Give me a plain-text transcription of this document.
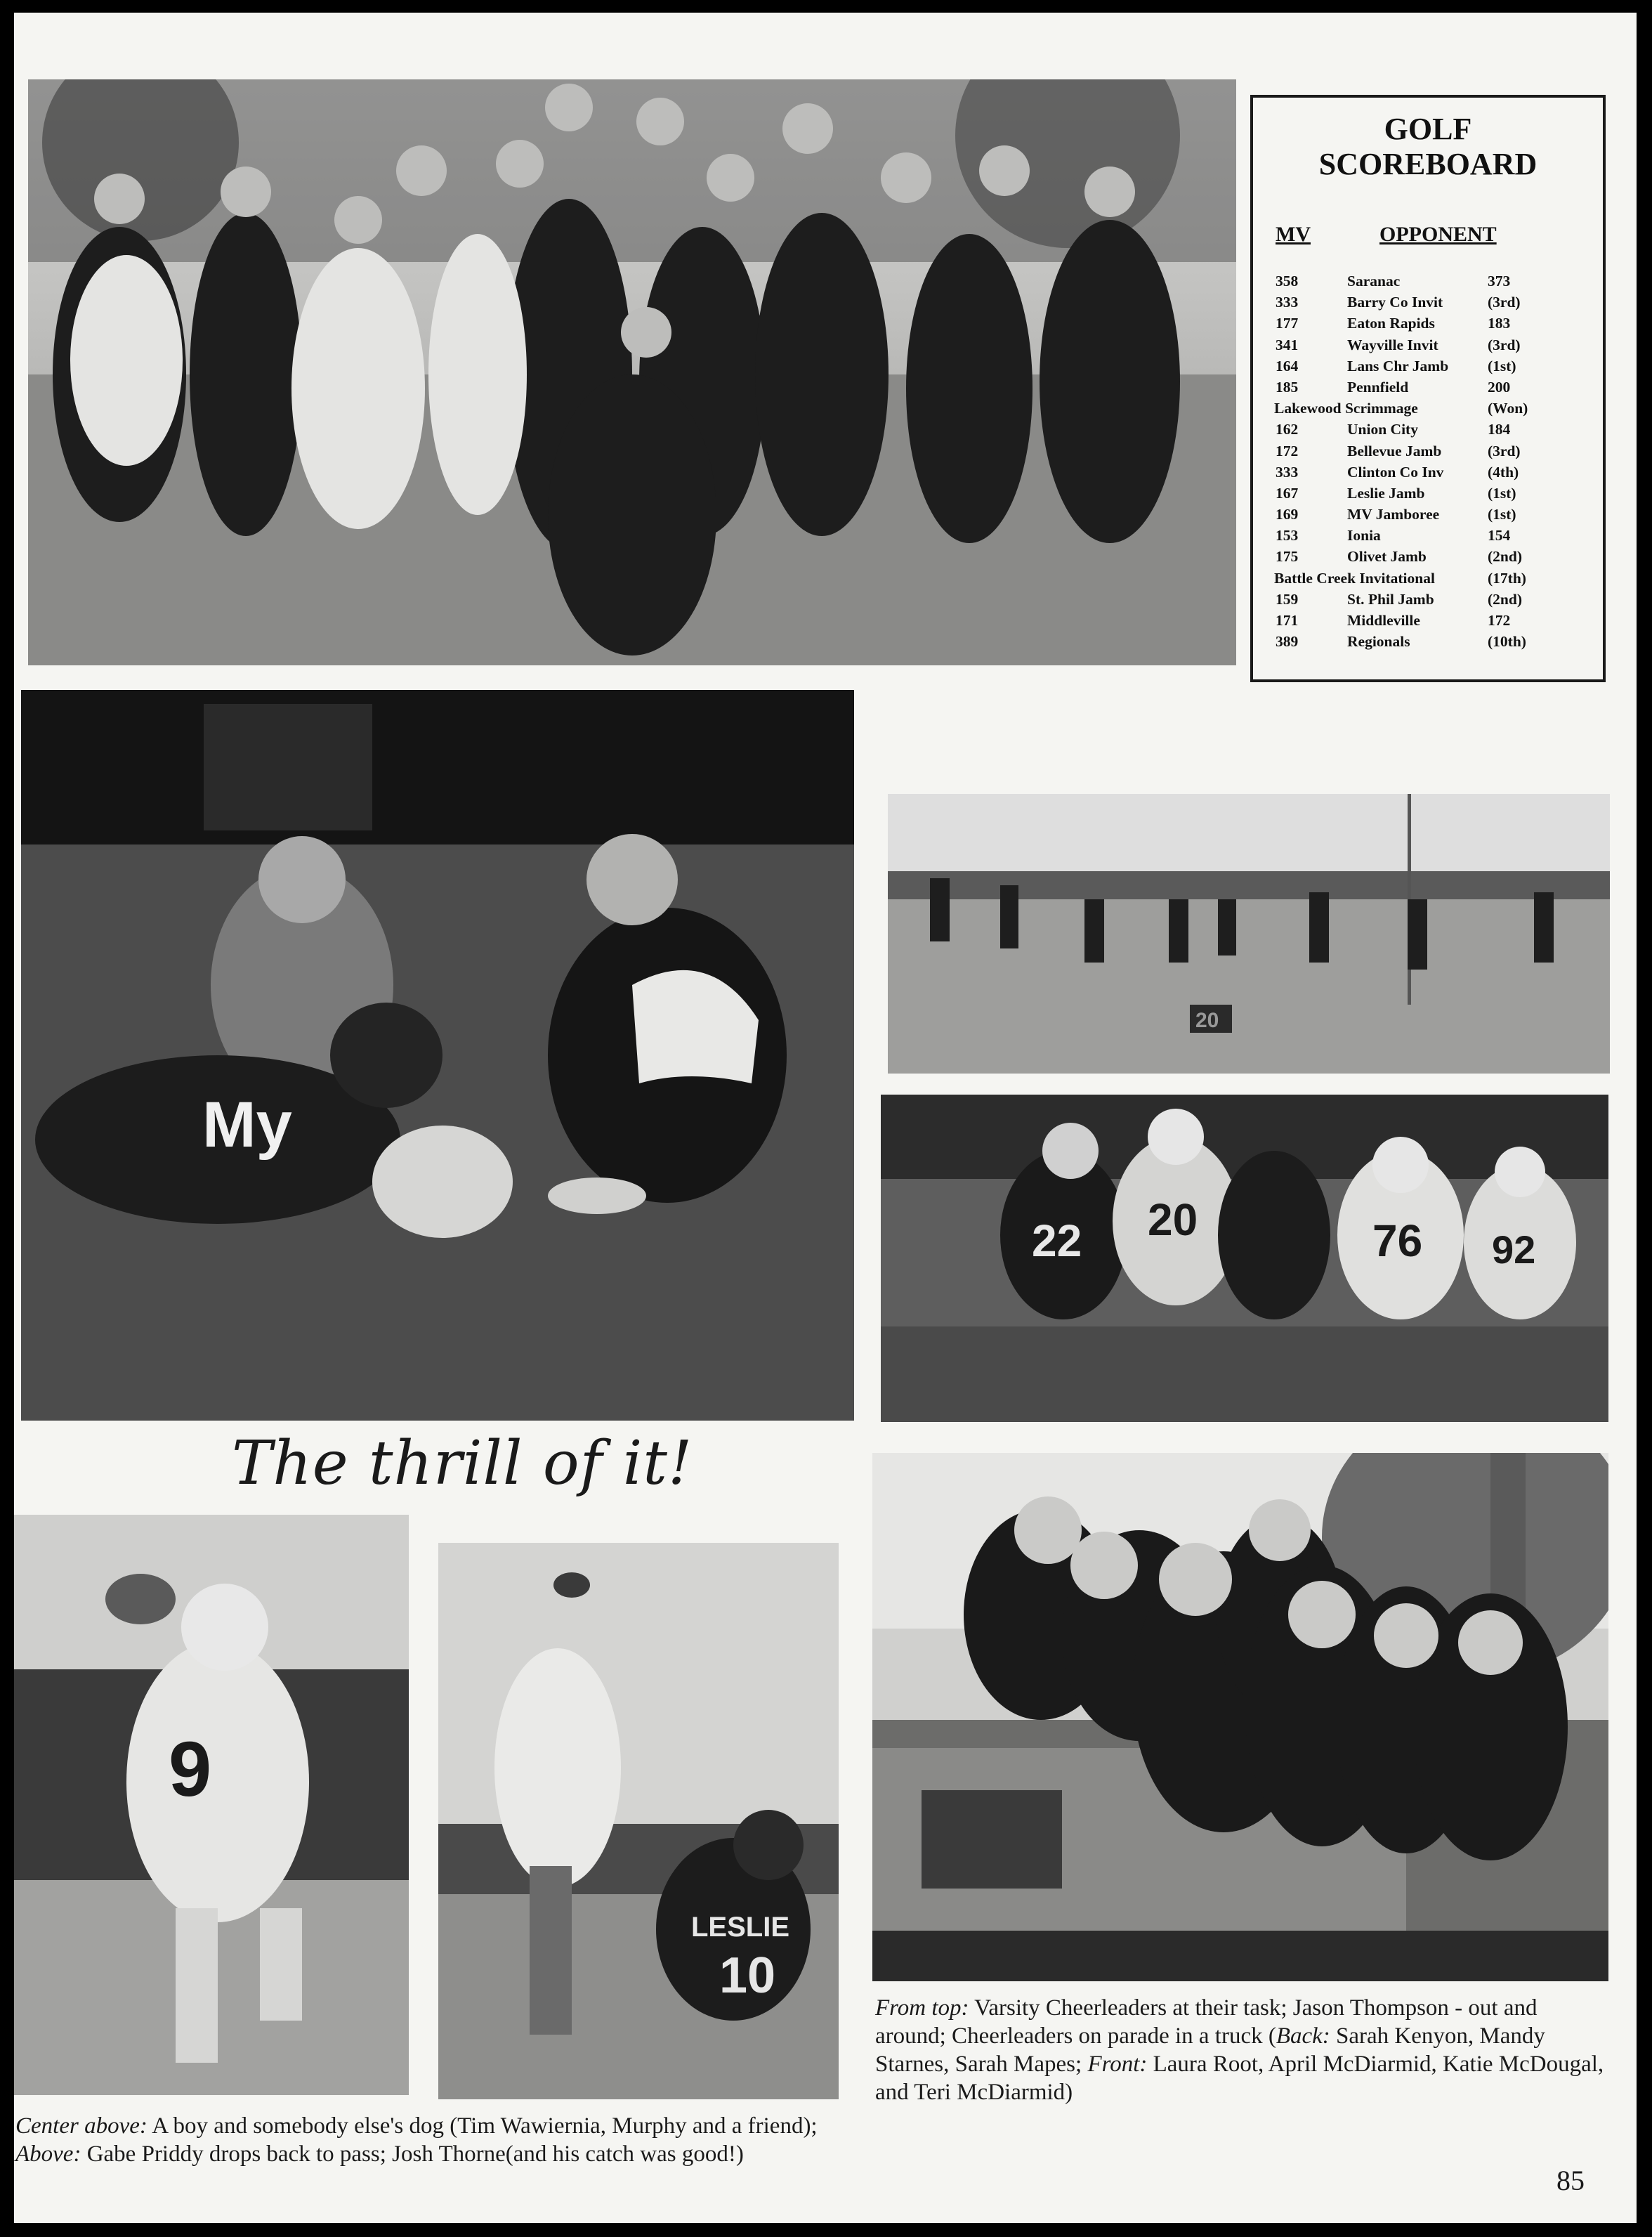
GOLF
SCOREBOARD
MV	OPPONENT
358	Saranac	373
333	Barry Co Invit	(3rd)
177	Eaton Rapids	183
341	Wayville Invit	(3rd)
164	Lans Chr Jamb	(1st)
185	Pennfield	200
Lakewood Scrimmage	(Won)
162	Union City	184
172	Bellevue Jamb	(3rd)
333	Clinton Co Inv	(4th)
167	Leslie Jamb	(1st)
169	MV Jamboree	(1st)
153	Ionia	154
175	Olivet Jamb	(2nd)
Battle Creek Invitational	(17th)
159	St. Phil Jamb	(2nd)
171	Middleville	172
389	Regionals	(10th)
My
20
22 20	76 92
The thrill of it!
9
LESLIE
10
Center above: A boy and somebody else's dog (Tim Wawiernia, Murphy and a friend); Above: Gabe Priddy drops back to pass; Josh Thorne(and his catch was good!)
From top: Varsity Cheerleaders at their task; Jason Thompson - out and around; Cheerleaders on parade in a truck (Back: Sarah Kenyon, Mandy Starnes, Sarah Mapes; Front: Laura Root, April McDiarmid, Katie McDougal, and Teri McDiarmid)
85
